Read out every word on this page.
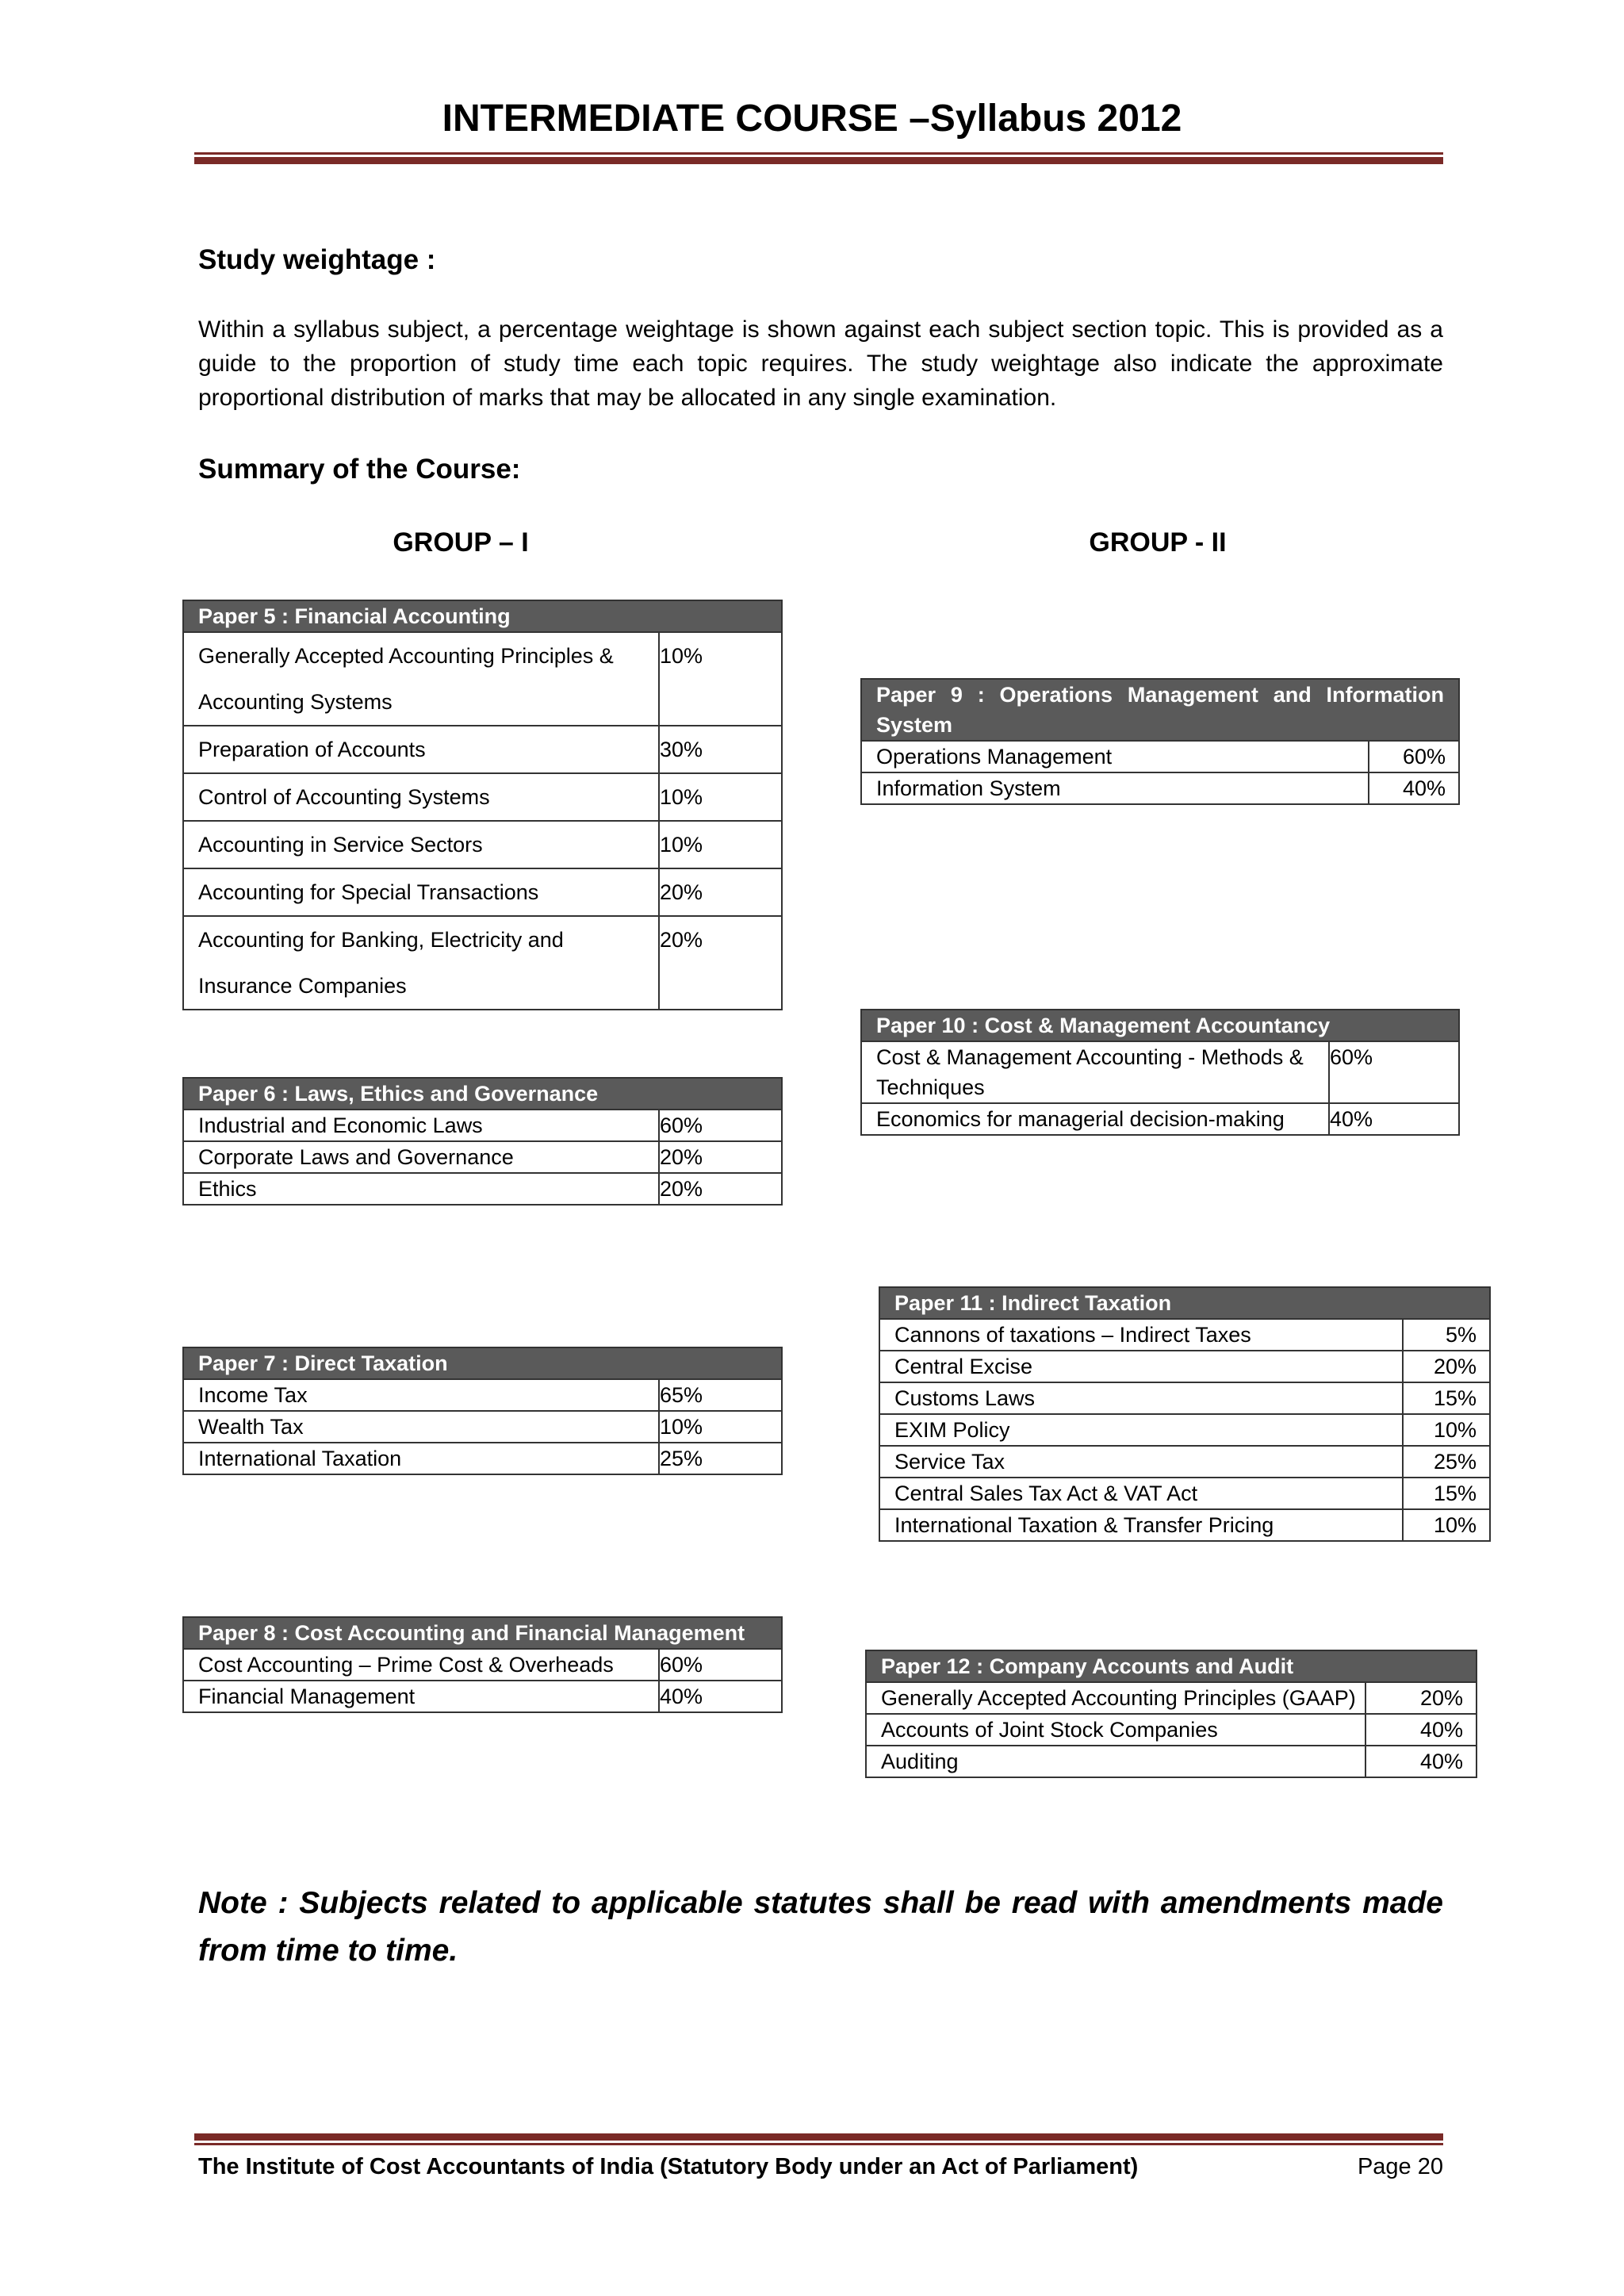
INTERMEDIATE COURSE –Syllabus 2012
Study weightage :
Within a syllabus subject, a percentage weightage is shown against each subject section topic. This is provided as a guide to the proportion of study time each topic requires. The study weightage also indicate the approximate proportional distribution of marks that may be allocated in any single examination.
Summary of the Course:
GROUP – I	GROUP - II
Paper 5 : Financial Accounting	
Generally Accepted Accounting Principles & Accounting Systems	10%
Preparation of Accounts	30%
Control of Accounting Systems	10%
Accounting in Service Sectors	10%
Accounting for Special Transactions	20%
Accounting for Banking, Electricity and Insurance Companies	20%
Paper 6 : Laws, Ethics and Governance	
Industrial and Economic Laws	60%
Corporate Laws and Governance	20%
Ethics	20%
Paper 7 : Direct Taxation	
Income Tax	65%
Wealth Tax	10%
International Taxation	25%
Paper 8 : Cost Accounting and Financial Management	
Cost Accounting – Prime Cost & Overheads	60%
Financial Management	40%
Paper 9 : Operations Management and Information System	
Operations Management	60%
Information System	40%
Paper 10 : Cost & Management Accountancy	
Cost & Management Accounting - Methods & Techniques	60%
Economics for managerial decision-making	40%
Paper 11 : Indirect Taxation	
Cannons of taxations – Indirect Taxes	5%
Central Excise	20%
Customs Laws	15%
EXIM Policy	10%
Service Tax	25%
Central Sales Tax Act & VAT Act	15%
International Taxation & Transfer Pricing	10%
Paper 12 : Company Accounts and Audit	
Generally Accepted Accounting Principles (GAAP)	20%
Accounts of Joint Stock Companies	40%
Auditing	40%
Note : Subjects related to applicable statutes shall be read with amendments made from time to time.
The Institute of Cost Accountants of India (Statutory Body under an Act of Parliament)	Page 20
